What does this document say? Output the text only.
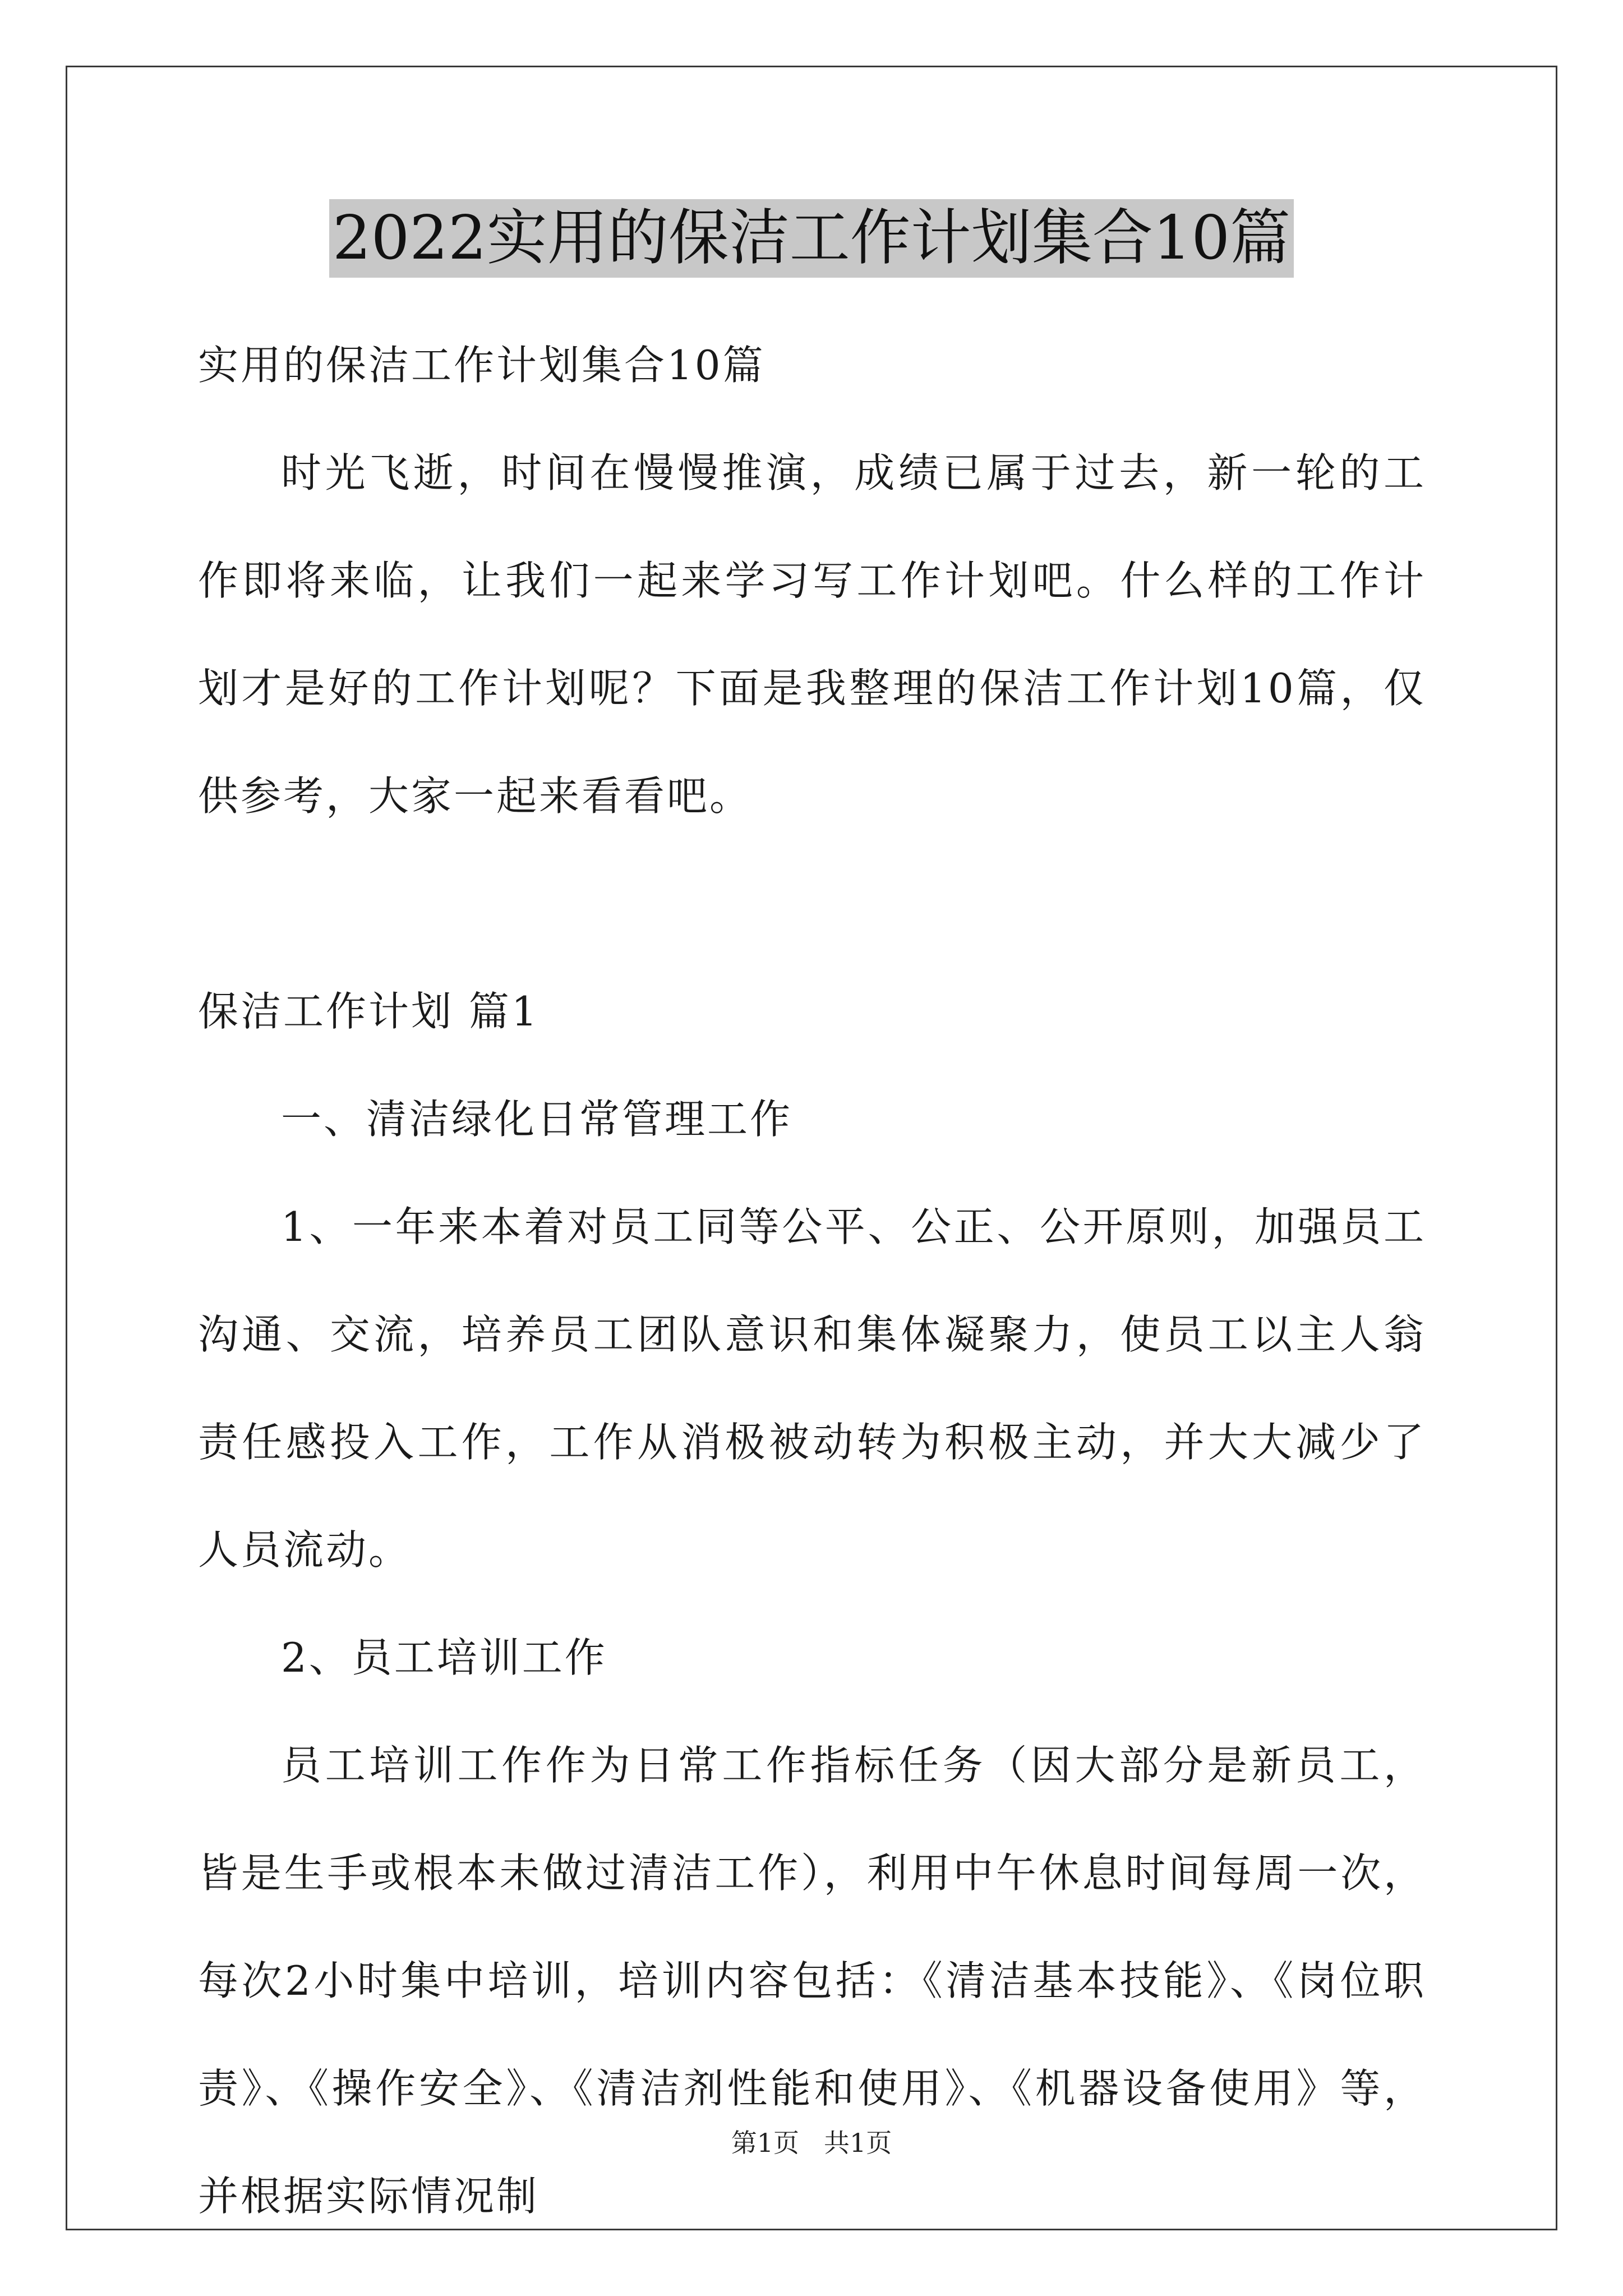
2022实用的保洁工作计划集合10篇

实用的保洁工作计划集合10篇

时光飞逝，时间在慢慢推演，成绩已属于过去，新一轮的工作即将来临，让我们一起来学习写工作计划吧。什么样的工作计划才是好的工作计划呢？下面是我整理的保洁工作计划10篇，仅供参考，大家一起来看看吧。

保洁工作计划 篇1

一、清洁绿化日常管理工作

1、一年来本着对员工同等公平、公正、公开原则，加强员工沟通、交流，培养员工团队意识和集体凝聚力，使员工以主人翁责任感投入工作，工作从消极被动转为积极主动，并大大减少了人员流动。

2、员工培训工作

员工培训工作作为日常工作指标任务（因大部分是新员工，皆是生手或根本未做过清洁工作），利用中午休息时间每周一次，每次2小时集中培训，培训内容包括：《清洁基本技能》、《岗位职责》、《操作安全》、《清洁剂性能和使用》、《机器设备使用》等，并根据实际情况制

第1页 共1页
